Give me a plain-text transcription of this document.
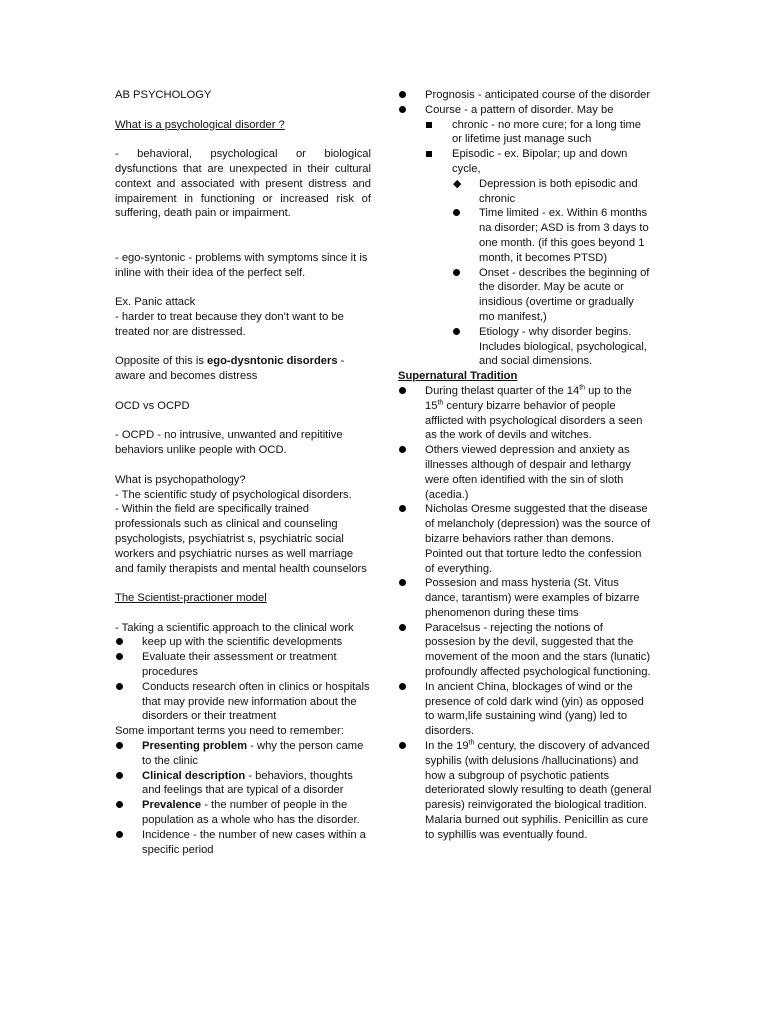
AB PSYCHOLOGY

What is a psychological disorder ?

- behavioral, psychological or biological dysfunctions that are unexpected in their cultural context and associated with present distress and impairement in functioning or increased risk of suffering, death pain or impairment.

- ego-syntonic - problems with symptoms since it is inline with their idea of the perfect self.

Ex. Panic attack

- harder to treat because they don’t want to be treated nor are distressed.

Opposite of this is ego-dysntonic disorders - aware and becomes distress

OCD vs OCPD

- OCPD - no intrusive, unwanted and repititive behaviors unlike people with OCD.

What is psychopathology?

- The scientific study of psychological disorders.

- Within the field are specifically trained professionals such as clinical and counseling psychologists, psychiatrist s, psychiatric social workers and psychiatric nurses as well marriage and family therapists and mental health counselors

The Scientist-practioner model

- Taking a scientific approach to the clinical work

keep up with the scientific developments
Evaluate their assessment or treatment procedures
Conducts research often in clinics or hospitals that may provide new information about the disorders or their treatment

Some important terms you need to remember:

Presenting problem - why the person came to the clinic
Clinical description - behaviors, thoughts and feelings that are typical of a disorder
Prevalence - the number of people in the population as a whole who has the disorder.
Incidence - the number of new cases within a specific period
Prognosis - anticipated course of the disorder
Course - a pattern of disorder. May be
chronic - no more cure; for a long time or lifetime just manage such
Episodic - ex. Bipolar; up and down cycle,
◆	Depression is both episodic and chronic
Time limited - ex. Within 6 months na disorder; ASD is from 3 days to one month. (if this goes beyond 1 month, it becomes PTSD)
Onset - describes the beginning of the disorder. May be acute or insidious (overtime or gradually mo manifest,)
Etiology - why disorder begins. Includes biological, psychological, and social dimensions.

Supernatural Tradition

During thelast quarter of the 14th up to the 15th century bizarre behavior of people afflicted with psychological disorders a seen as the work of devils and witches.
Others viewed depression and anxiety as illnesses although of despair and lethargy were often identified with the sin of sloth (acedia.)
Nicholas Oresme suggested that the disease of melancholy (depression) was the source of bizarre behaviors rather than demons. Pointed out that torture ledto the confession of everything.
Possesion and mass hysteria (St. Vitus dance, tarantism) were examples of bizarre phenomenon during these tims
Paracelsus - rejecting the notions of possesion by the devil, suggested that the movement of the moon and the stars (lunatic) profoundly affected psychological functioning.
In ancient China, blockages of wind or the presence of cold dark wind (yin) as opposed to warm,life sustaining wind (yang) led to disorders.
In the 19th century, the discovery of advanced syphilis (with delusions /hallucinations) and how a subgroup of psychotic patients deteriorated slowly resulting to death (general paresis) reinvigorated the biological tradition. Malaria burned out syphilis. Penicillin as cure to syphillis was eventually found.
